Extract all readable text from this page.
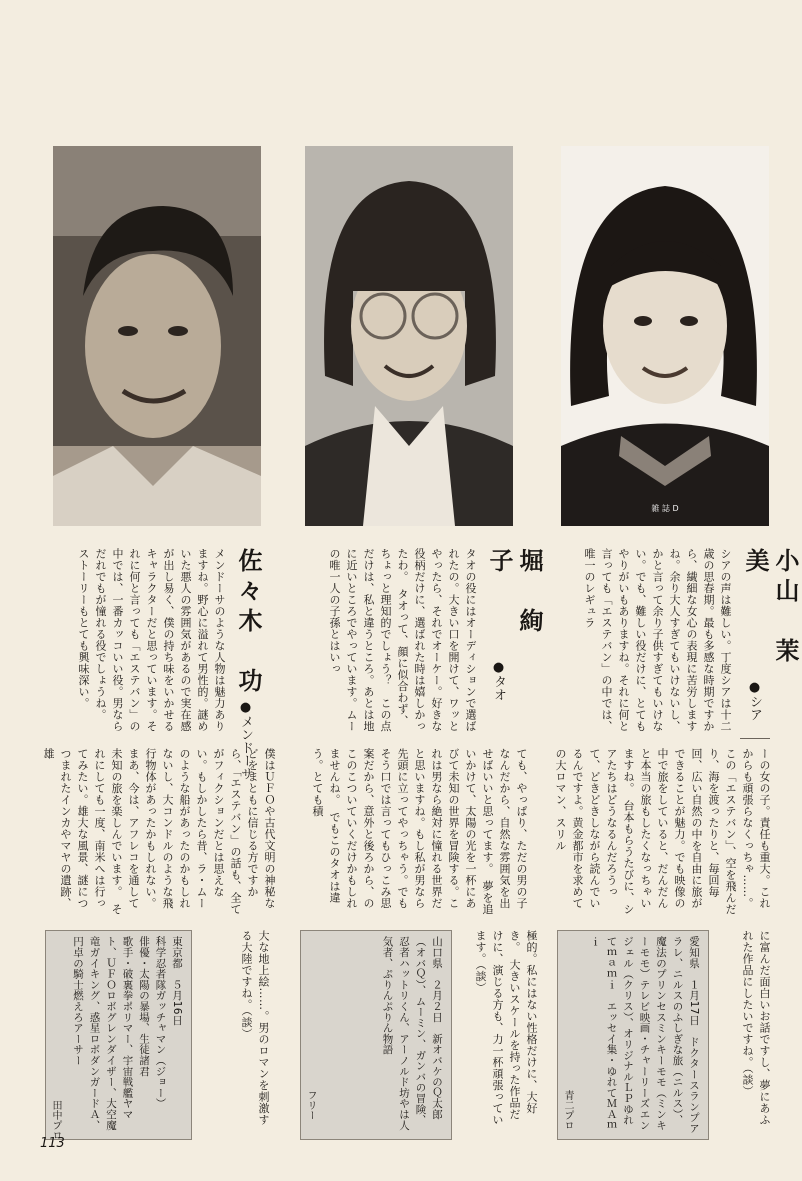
雑 誌 D
佐々木　功
●メンドーサ
メンドーサのような人物は魅力ありますね。野心に溢れて男性的。謎めいた悪人の雰囲気があるので実在感が出し易く、僕の持ち味をいかせるキャラクターだと思っています。それに何と言っても「エステバン」の中では、一番カッコいい役。男ならだれでもが憧れる役でしょうね。　ストーリーもとても興味深い。	堀　絢子
●タオ
タオの役にはオーディションで選ばれたの。大きい口を開けて、ワッとやったら、それでオーケー。好きな役柄だけに、選ばれた時は嬉しかったわ。　タオって、顔に似合わず、ちょっと理知的でしょう？　この点だけは、私と違うところ。あとは地に近いところでやっています。ムーの唯一人の子孫とはいっ	小山　茉美
●シア
シアの声は難しい。丁度シアは十二歳の思春期。最も多感な時期ですから、繊細な女心の表現に苦労しますね。余り大人すぎてもいけないし、かと言って余り子供すぎてもいけない。でも、難しい役だけに、とてもやりがいもありますね。それに何と言っても「エステバン」の中では、唯一のレギュラ
僕はＵＦＯや古代文明の神秘などをまともに信じる方ですから、「エステバン」の話も、全てがフィクションだとは思えない。もしかしたら昔、ラ・ムーのような船があったのかもしれないし、大コンドルのような飛行物体があったかもしれない。まあ、今は、アフレコを通して未知の旅を楽しんでいます。　それにしても一度、南米へは行ってみたい。雄大な風景、謎につつまれたインカやマヤの遺跡、雄	ても、やっぱり、ただの男の子なんだから、自然な雰囲気を出せばいいと思ってます。　夢を追いかけて、太陽の光を一杯にあびて未知の世界を冒険する。これは男なら絶対に憧れる世界だと思いますね。もし私が男なら先頭に立ってやっちゃう。でもそう口では言ってもひっこみ思案だから、意外と後ろから、のこのこついていくだけかもしれませんね。　でもこのタオは違う。とても積	ーの女の子。責任も重大。これからも頑張らなくっちゃ……。　この「エステバン」、空を飛んだり、海を渡ったりと、毎回毎回、広い自然の中を自由に旅ができることが魅力。でも映像の中で旅をしていると、だんだんと本当の旅もしたくなっちゃいますね。　台本もらうたびに、シアたちはどうなるんだろうって、どきどきしながら読んでいるんですよ。黄金都市を求めての大ロマン、スリル
大な地上絵……。男のロマンを刺激する大陸ですね。（談）	極的。私にはない性格だけに、大好き。　大きいスケールを持った作品だけに、演じる方も、力一杯頑張っています。（談）	に富んだ面白いお話ですし、夢にあふれた作品にしたいですね。（談）
東京都　５月16日
科学忍者隊ガッチャマン（ジョー）
俳優・太陽の暴場、生徒諸君
歌手・破裏拳ポリマー、宇宙戦艦ヤマト、ＵＦＯロボグレンダイザー、大空魔竜ガイキング、惑星ロボダンガードＡ、円卓の騎士燃えろアーサー
田中プロ
山口県　２月２日　新オバケのＱ太郎（オバＱ）、ムーミン、ガンバの冒険、忍者ハットリくん、アーノルド坊やは人気者、ぷりんぷりん物語
フリー	愛知県　１月17日　ドクタースランプアラレ、ニルスのふしぎな旅（ニルス）、魔法のプリンセスミンキーモモ（ミンキーモモ）テレビ映画・チャーリーズエンジェル（クリス）、オリジナルＬＰゆれてｍａｍｉ　エッセイ集・ゆれてＭＡｍｉ
青二プロ
113
